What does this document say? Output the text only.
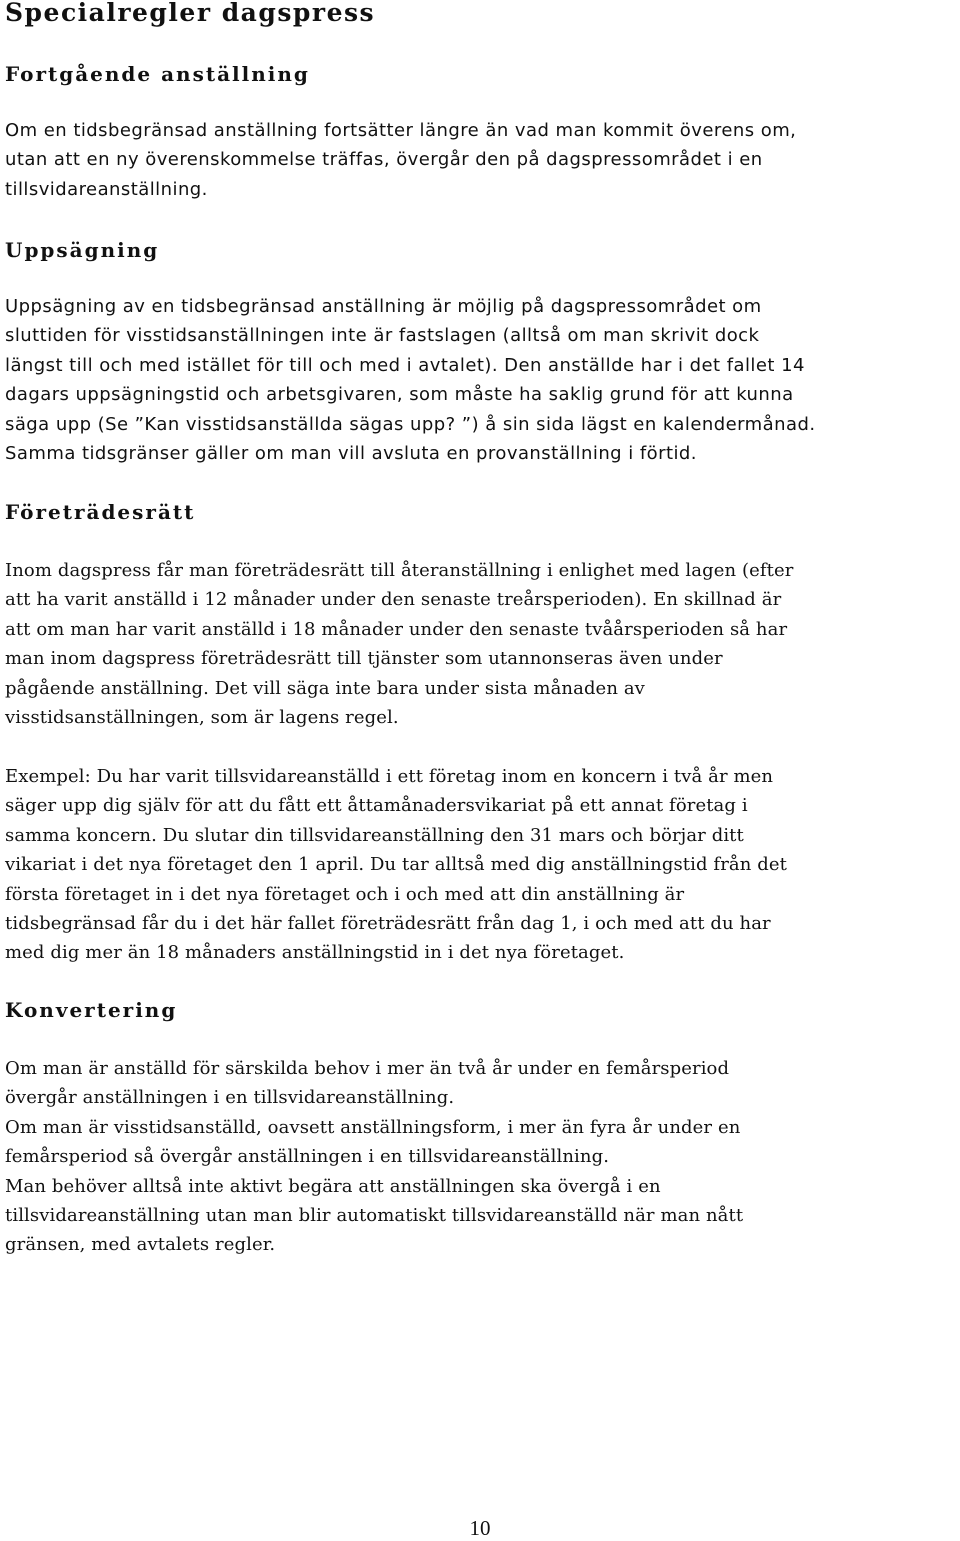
Specialregler dagspress
Fortgående anställning
Om en tidsbegränsad anställning fortsätter längre än vad man kommit överens om,
utan att en ny överenskommelse träffas, övergår den på dagspressområdet i en
tillsvidareanställning.
Uppsägning
Uppsägning av en tidsbegränsad anställning är möjlig på dagspressområdet om
sluttiden för visstidsanställningen inte är fastslagen (alltså om man skrivit dock
längst till och med istället för till och med i avtalet). Den anställde har i det fallet 14
dagars uppsägningstid och arbetsgivaren, som måste ha saklig grund för att kunna
säga upp (Se ”Kan visstidsanställda sägas upp? ”) å sin sida lägst en kalendermånad.
Samma tidsgränser gäller om man vill avsluta en provanställning i förtid.
Företrädesrätt
Inom dagspress får man företrädesrätt till återanställning i enlighet med lagen (efter
att ha varit anställd i 12 månader under den senaste treårsperioden). En skillnad är
att om man har varit anställd i 18 månader under den senaste tvåårsperioden så har
man inom dagspress företrädesrätt till tjänster som utannonseras även under
pågående anställning. Det vill säga inte bara under sista månaden av
visstidsanställningen, som är lagens regel.
Exempel: Du har varit tillsvidareanställd i ett företag inom en koncern i två år men
säger upp dig själv för att du fått ett åttamånadersvikariat på ett annat företag i
samma koncern. Du slutar din tillsvidareanställning den 31 mars och börjar ditt
vikariat i det nya företaget den 1 april. Du tar alltså med dig anställningstid från det
första företaget in i det nya företaget och i och med att din anställning är
tidsbegränsad får du i det här fallet företrädesrätt från dag 1, i och med att du har
med dig mer än 18 månaders anställningstid in i det nya företaget.
Konvertering
Om man är anställd för särskilda behov i mer än två år under en femårsperiod
övergår anställningen i en tillsvidareanställning.
Om man är visstidsanställd, oavsett anställningsform, i mer än fyra år under en
femårsperiod så övergår anställningen i en tillsvidareanställning.
Man behöver alltså inte aktivt begära att anställningen ska övergå i en
tillsvidareanställning utan man blir automatiskt tillsvidareanställd när man nått
gränsen, med avtalets regler.
10
